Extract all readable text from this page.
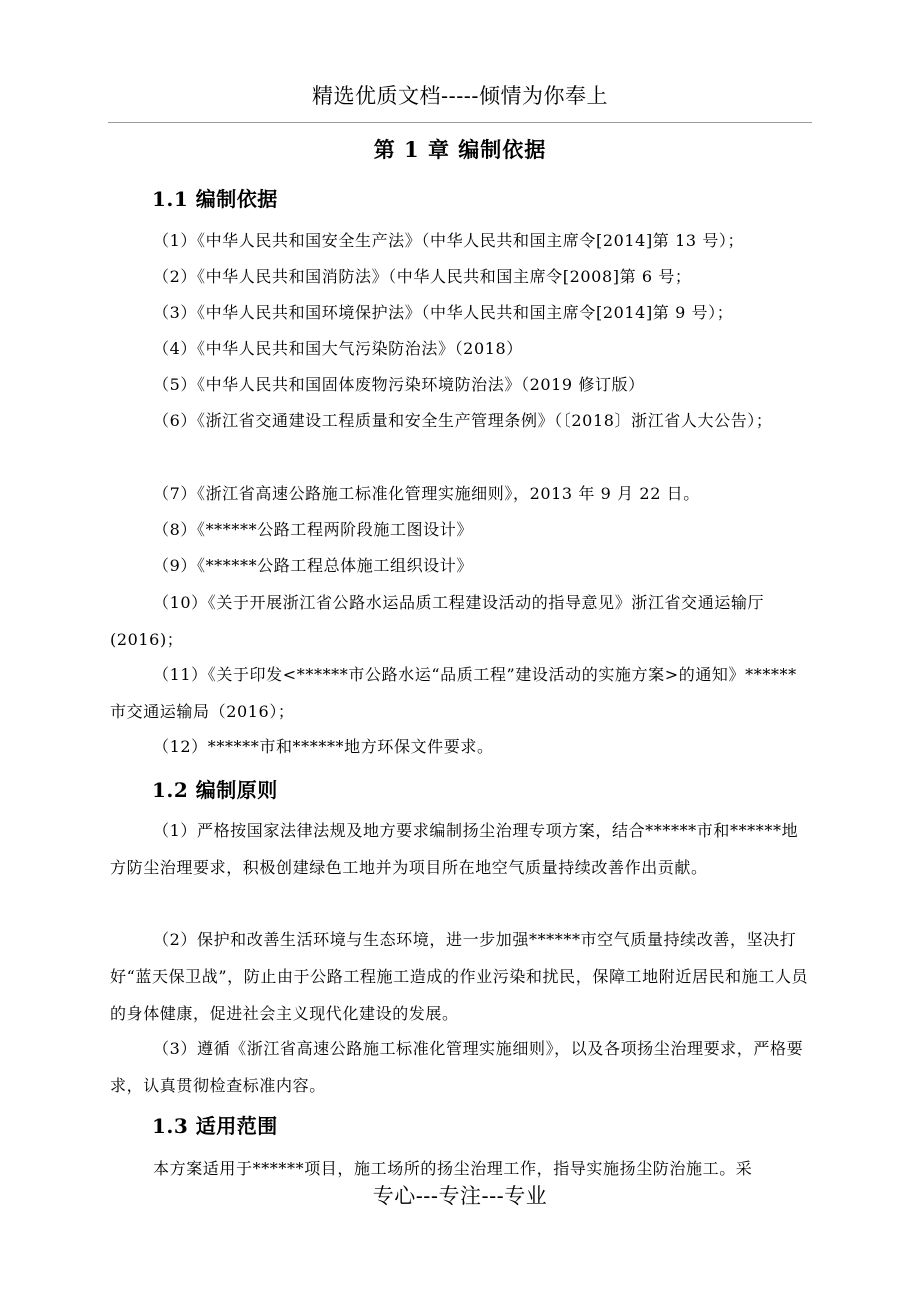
精选优质文档-----倾情为你奉上
第 1 章 编制依据
1.1 编制依据
（1）《中华人民共和国安全生产法》（中华人民共和国主席令[2014]第 13 号）；
（2）《中华人民共和国消防法》（中华人民共和国主席令[2008]第 6 号；
（3）《中华人民共和国环境保护法》（中华人民共和国主席令[2014]第 9 号）；
（4）《中华人民共和国大气污染防治法》（2018）
（5）《中华人民共和国固体废物污染环境防治法》（2019 修订版）
（6）《浙江省交通建设工程质量和安全生产管理条例》（〔2018〕浙江省人大公告）；
（7）《浙江省高速公路施工标准化管理实施细则》，2013 年 9 月 22 日。
（8）《******公路工程两阶段施工图设计》
（9）《******公路工程总体施工组织设计》
（10）《关于开展浙江省公路水运品质工程建设活动的指导意见》浙江省交通运输厅(2016)；
（11）《关于印发<******市公路水运“品质工程”建设活动的实施方案>的通知》******市交通运输局（2016）；
（12）******市和******地方环保文件要求。
1.2 编制原则
（1）严格按国家法律法规及地方要求编制扬尘治理专项方案，结合******市和******地方防尘治理要求，积极创建绿色工地并为项目所在地空气质量持续改善作出贡献。
（2）保护和改善生活环境与生态环境，进一步加强******市空气质量持续改善，坚决打好“蓝天保卫战”，防止由于公路工程施工造成的作业污染和扰民，保障工地附近居民和施工人员的身体健康，促进社会主义现代化建设的发展。
（3）遵循《浙江省高速公路施工标准化管理实施细则》，以及各项扬尘治理要求，严格要求，认真贯彻检查标准内容。
1.3 适用范围
本方案适用于******项目，施工场所的扬尘治理工作，指导实施扬尘防治施工。采
专心---专注---专业
